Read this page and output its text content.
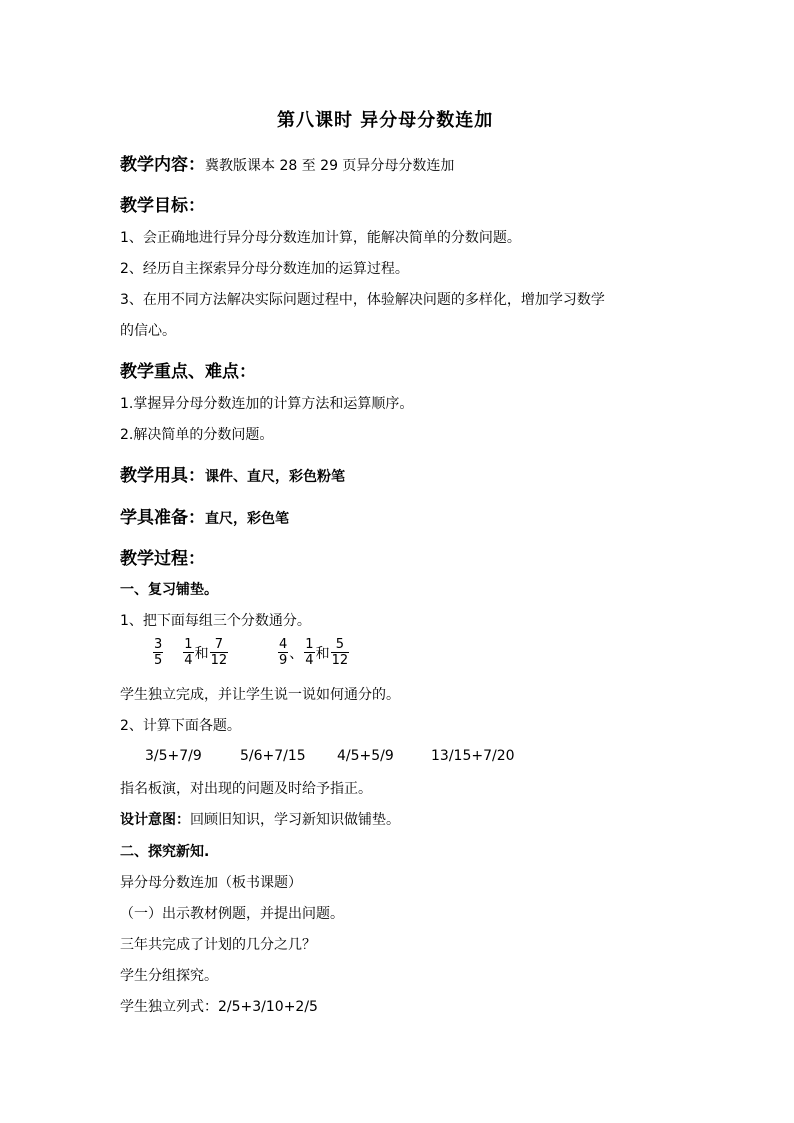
第八课时 异分母分数连加
教学内容：冀教版课本 28 至 29 页异分母分数连加
教学目标：
1、会正确地进行异分母分数连加计算，能解决简单的分数问题。
2、经历自主探索异分母分数连加的运算过程。
3、在用不同方法解决实际问题过程中，体验解决问题的多样化，增加学习数学
的信心。
教学重点、难点：
1.掌握异分母分数连加的计算方法和运算顺序。
2.解决简单的分数问题。
教学用具：课件、直尺，彩色粉笔
学具准备：直尺，彩色笔
教学过程：
一、复习铺垫。
1、把下面每组三个分数通分。
$\frac{3}{5} \frac{1}{4}$ 和 $\frac{7}{12}$	$\frac{4}{9}$ 、 $\frac{1}{4}$ 和 $\frac{5}{12}$
学生独立完成，并让学生说一说如何通分的。
2、计算下面各题。
3/5+7/9	5/6+7/15 4/5+5/9	13/15+7/20
指名板演，对出现的问题及时给予指正。
设计意图：回顾旧知识，学习新知识做铺垫。
二、探究新知.
异分母分数连加（板书课题）
（一）出示教材例题，并提出问题。
三年共完成了计划的几分之几？
学生分组探究。
学生独立列式：2/5+3/10+2/5
